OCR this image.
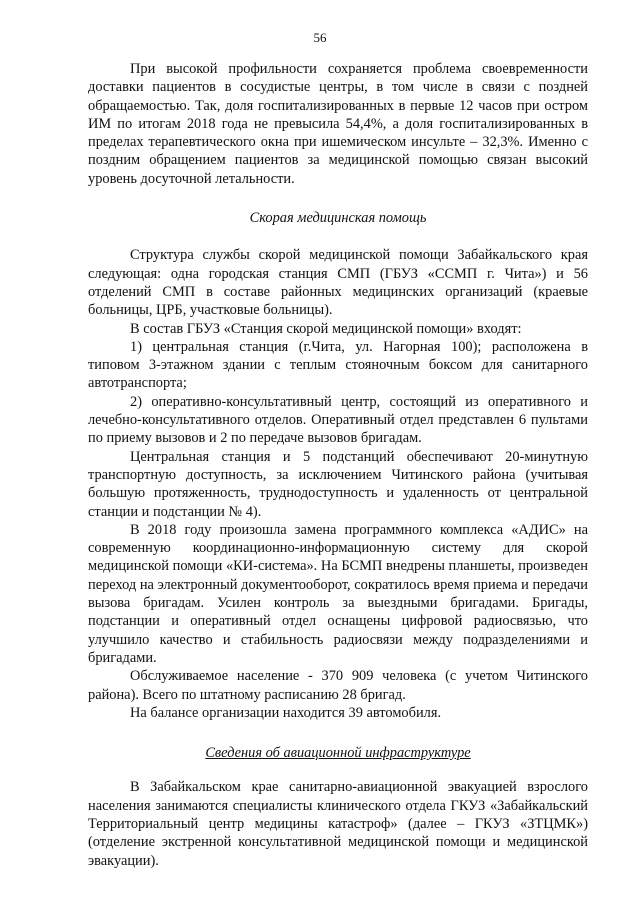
56

При высокой профильности сохраняется проблема своевременности доставки пациентов в сосудистые центры, в том числе в связи с поздней обращаемостью. Так, доля госпитализированных в первые 12 часов при остром ИМ по итогам 2018 года не превысила 54,4%, а доля госпитализированных в пределах терапевтического окна при ишемическом инсульте – 32,3%. Именно с поздним обращением пациентов за медицинской помощью связан высокий уровень досуточной летальности.

Скорая медицинская помощь

Структура службы скорой медицинской помощи Забайкальского края следующая: одна городская станция СМП (ГБУЗ «ССМП г. Чита») и 56 отделений СМП в составе районных медицинских организаций (краевые больницы, ЦРБ, участковые больницы).

В состав ГБУЗ «Станция скорой медицинской помощи» входят:

1) центральная станция (г.Чита, ул. Нагорная 100); расположена в типовом 3-этажном здании с теплым стояночным боксом для санитарного автотранспорта;

2) оперативно-консультативный центр, состоящий из оперативного и лечебно-консультативного отделов. Оперативный отдел представлен 6 пультами по приему вызовов и 2 по передаче вызовов бригадам.

Центральная станция и 5 подстанций обеспечивают 20-минутную транспортную доступность, за исключением Читинского района (учитывая большую протяженность, труднодоступность и удаленность от центральной станции и подстанции № 4).

В 2018 году произошла замена программного комплекса «АДИС» на современную координационно-информационную систему для скорой медицинской помощи «КИ-система». На БСМП внедрены планшеты, произведен переход на электронный документооборот, сократилось время приема и передачи вызова бригадам. Усилен контроль за выездными бригадами. Бригады, подстанции и оперативный отдел оснащены цифровой радиосвязью, что улучшило качество и стабильность радиосвязи между подразделениями и бригадами.

Обслуживаемое население - 370 909 человека (с учетом Читинского района). Всего по штатному расписанию 28 бригад.

На балансе организации находится 39 автомобиля.

Сведения об авиационной инфраструктуре

В Забайкальском крае санитарно-авиационной эвакуацией взрослого населения занимаются специалисты клинического отдела ГКУЗ «Забайкальский Территориальный центр медицины катастроф» (далее – ГКУЗ «ЗТЦМК») (отделение экстренной консультативной медицинской помощи и медицинской эвакуации).
